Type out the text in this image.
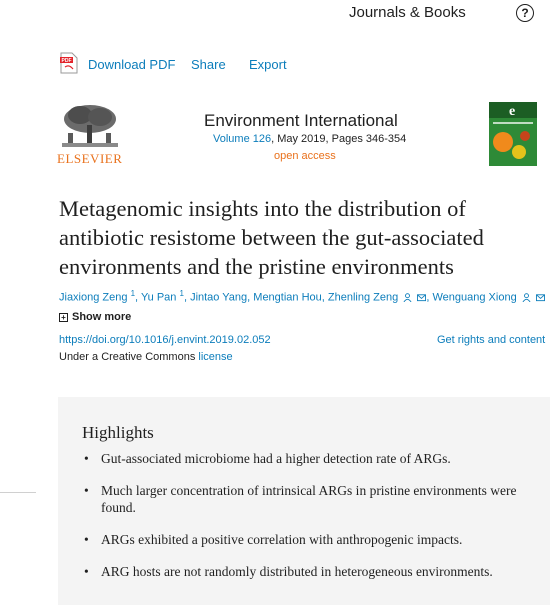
Journals & Books	?
PDF Download PDF Share Export
ELSEVIER
Environment International
Volume 126, May 2019, Pages 346-354
open access
e
Metagenomic insights into the distribution of antibiotic resistome between the gut-associated environments and the pristine environments
Jiaxiong Zeng $^1$, Yu Pan $^1$, Jintao Yang, Mengtian Hou, Zhenling Zeng	, Wenguang Xiong
+ Show more
https://doi.org/10.1016/j.envint.2019.02.052	Get rights and content
Under a Creative Commons license
Highlights
• Gut-associated microbiome had a higher detection rate of ARGs.
• Much larger concentration of intrinsical ARGs in pristine environments were found.
• ARGs exhibited a positive correlation with anthropogenic impacts.
• ARG hosts are not randomly distributed in heterogeneous environments.
